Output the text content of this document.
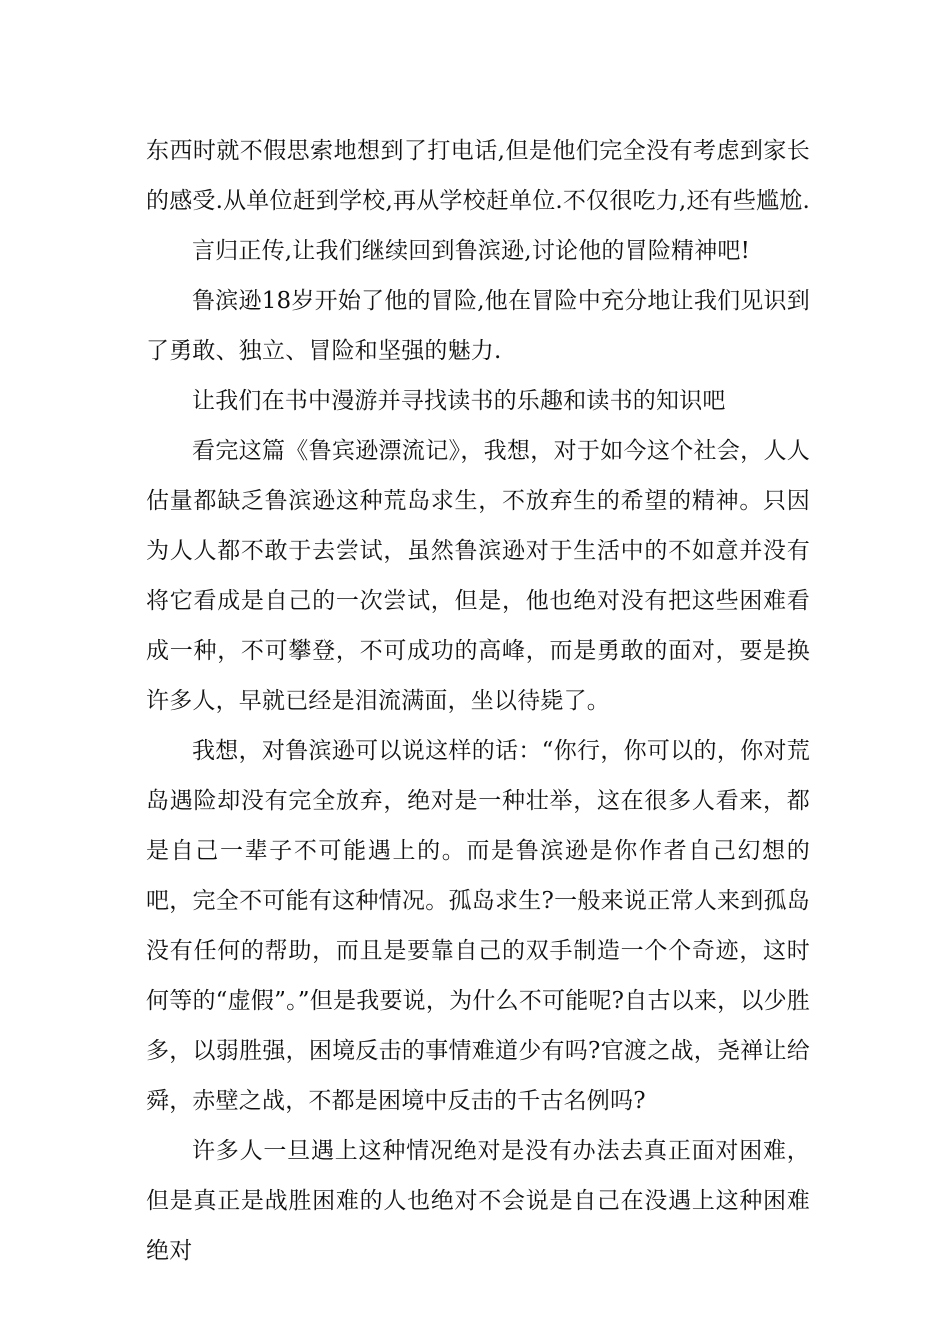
东西时就不假思索地想到了打电话,但是他们完全没有考虑到家长的感受.从单位赶到学校,再从学校赶单位.不仅很吃力,还有些尴尬.

言归正传,让我们继续回到鲁滨逊,讨论他的冒险精神吧!

鲁滨逊18岁开始了他的冒险,他在冒险中充分地让我们见识到了勇敢、独立、冒险和坚强的魅力.

让我们在书中漫游并寻找读书的乐趣和读书的知识吧

看完这篇《鲁宾逊漂流记》，我想，对于如今这个社会，人人估量都缺乏鲁滨逊这种荒岛求生，不放弃生的希望的精神。只因为人人都不敢于去尝试，虽然鲁滨逊对于生活中的不如意并没有将它看成是自己的一次尝试，但是，他也绝对没有把这些困难看成一种，不可攀登，不可成功的高峰，而是勇敢的面对，要是换许多人，早就已经是泪流满面，坐以待毙了。

我想，对鲁滨逊可以说这样的话：“你行，你可以的，你对荒岛遇险却没有完全放弃，绝对是一种壮举，这在很多人看来，都是自己一辈子不可能遇上的。而是鲁滨逊是你作者自己幻想的吧，完全不可能有这种情况。孤岛求生?一般来说正常人来到孤岛没有任何的帮助，而且是要靠自己的双手制造一个个奇迹，这时何等的“虚假”。”但是我要说，为什么不可能呢?自古以来，以少胜多，以弱胜强，困境反击的事情难道少有吗?官渡之战，尧禅让给舜，赤壁之战，不都是困境中反击的千古名例吗?

许多人一旦遇上这种情况绝对是没有办法去真正面对困难，但是真正是战胜困难的人也绝对不会说是自己在没遇上这种困难绝对
